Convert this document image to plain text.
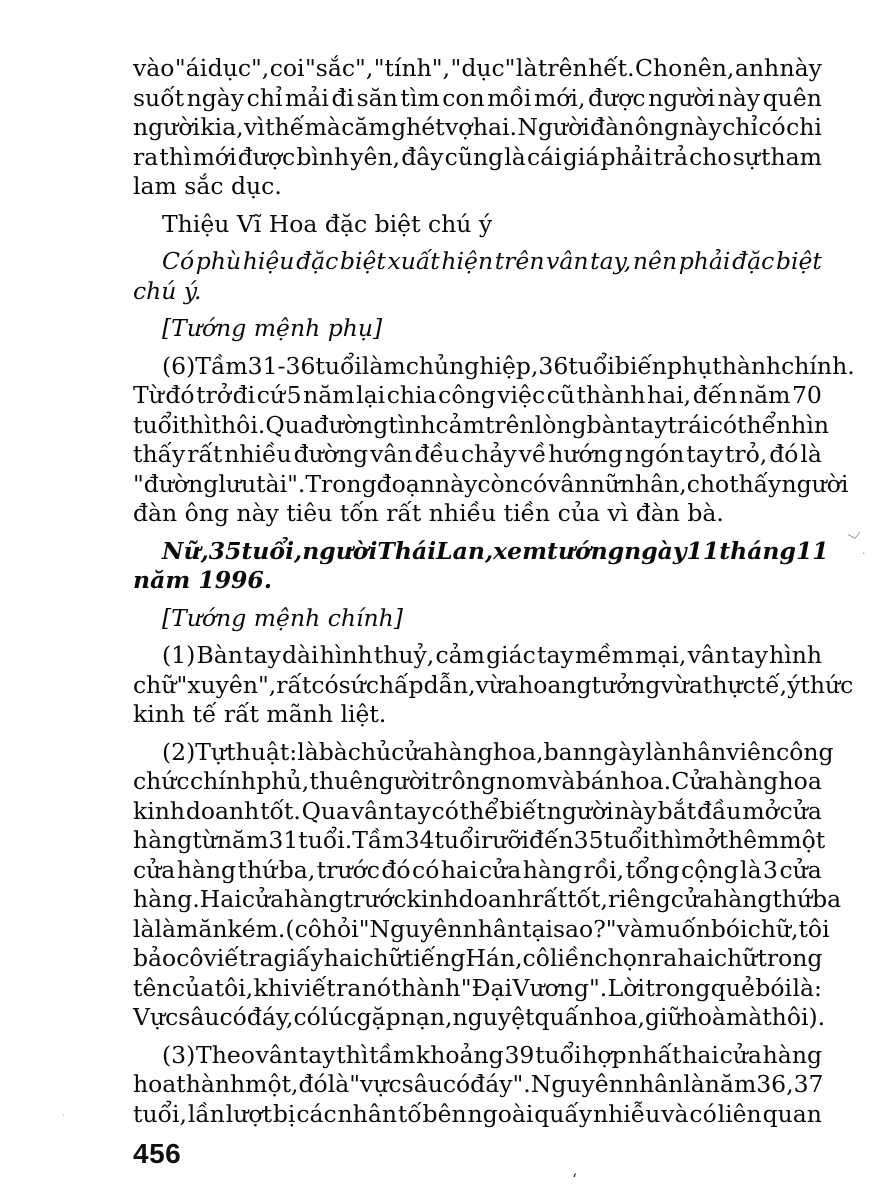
vào "ái dục", coi "sắc", "tính", "dục" là trên hết. Cho nên, anh này
suốt ngày chỉ mải đi săn tìm con mồi mới, được người này quên
người kia, vì thế mà căm ghét vợ hai. Người đàn ông này chỉ có chi
ra thì mới được bình yên, đây cũng là cái giá phải trả cho sự tham
lam sắc dục.
Thiệu Vĩ Hoa đặc biệt chú ý
Có phù hiệu đặc biệt xuất hiện trên vân tay, nên phải đặc biệt
chú ý.
[Tướng mệnh phụ]
(6) Tầm 31-36 tuổi làm chủ nghiệp, 36 tuổi biến phụ thành chính.
Từ đó trở đi cứ 5 năm lại chia công việc cũ thành hai, đến năm 70
tuổi thì thôi. Qua đường tình cảm trên lòng bàn tay trái có thể nhìn
thấy rất nhiều đường vân đều chảy về hướng ngón tay trỏ, đó là
"đường lưu tài". Trong đoạn này còn có vân nữ nhân, cho thấy người
đàn ông này tiêu tốn rất nhiều tiền của vì đàn bà.
Nữ, 35 tuổi, người Thái Lan, xem tướng ngày 11 tháng 11
năm 1996.
[Tướng mệnh chính]
(1) Bàn tay dài hình thuỷ, cảm giác tay mềm mại, vân tay hình
chữ "xuyên", rất có sức hấp dẫn, vừa hoang tưởng vừa thực tế, ý thức
kinh tế rất mãnh liệt.
(2) Tự thuật: là bà chủ cửa hàng hoa, ban ngày là nhân viên công
chức chính phủ, thuê người trông nom và bán hoa. Cửa hàng hoa
kinh doanh tốt. Qua vân tay có thể biết người này bắt đầu mở cửa
hàng từ năm 31 tuổi. Tầm 34 tuổi rưỡi đến 35 tuổi thì mở thêm một
cửa hàng thứ ba, trước đó có hai cửa hàng rồi, tổng cộng là 3 cửa
hàng. Hai cửa hàng trước kinh doanh rất tốt, riêng cửa hàng thứ ba
là làm ăn kém. (cô hỏi "Nguyên nhân tại sao?" và muốn bói chữ, tôi
bảo cô viết ra giấy hai chữ tiếng Hán, cô liền chọn ra hai chữ trong
tên của tôi, khi viết ra nó thành "Đại Vương". Lời trong quẻ bói là:
Vực sâu có đáy, có lúc gặp nạn, nguyệt quấn hoa, giữ hoà mà thôi).
(3) Theo vân tay thì tầm khoảng 39 tuổi hợp nhất hai cửa hàng
hoa thành một, đó là "vực sâu có đáy". Nguyên nhân là năm 36, 37
tuổi, lần lượt bị các nhân tố bên ngoài quấy nhiễu và có liên quan
456
﹀
·
ʻ
·
